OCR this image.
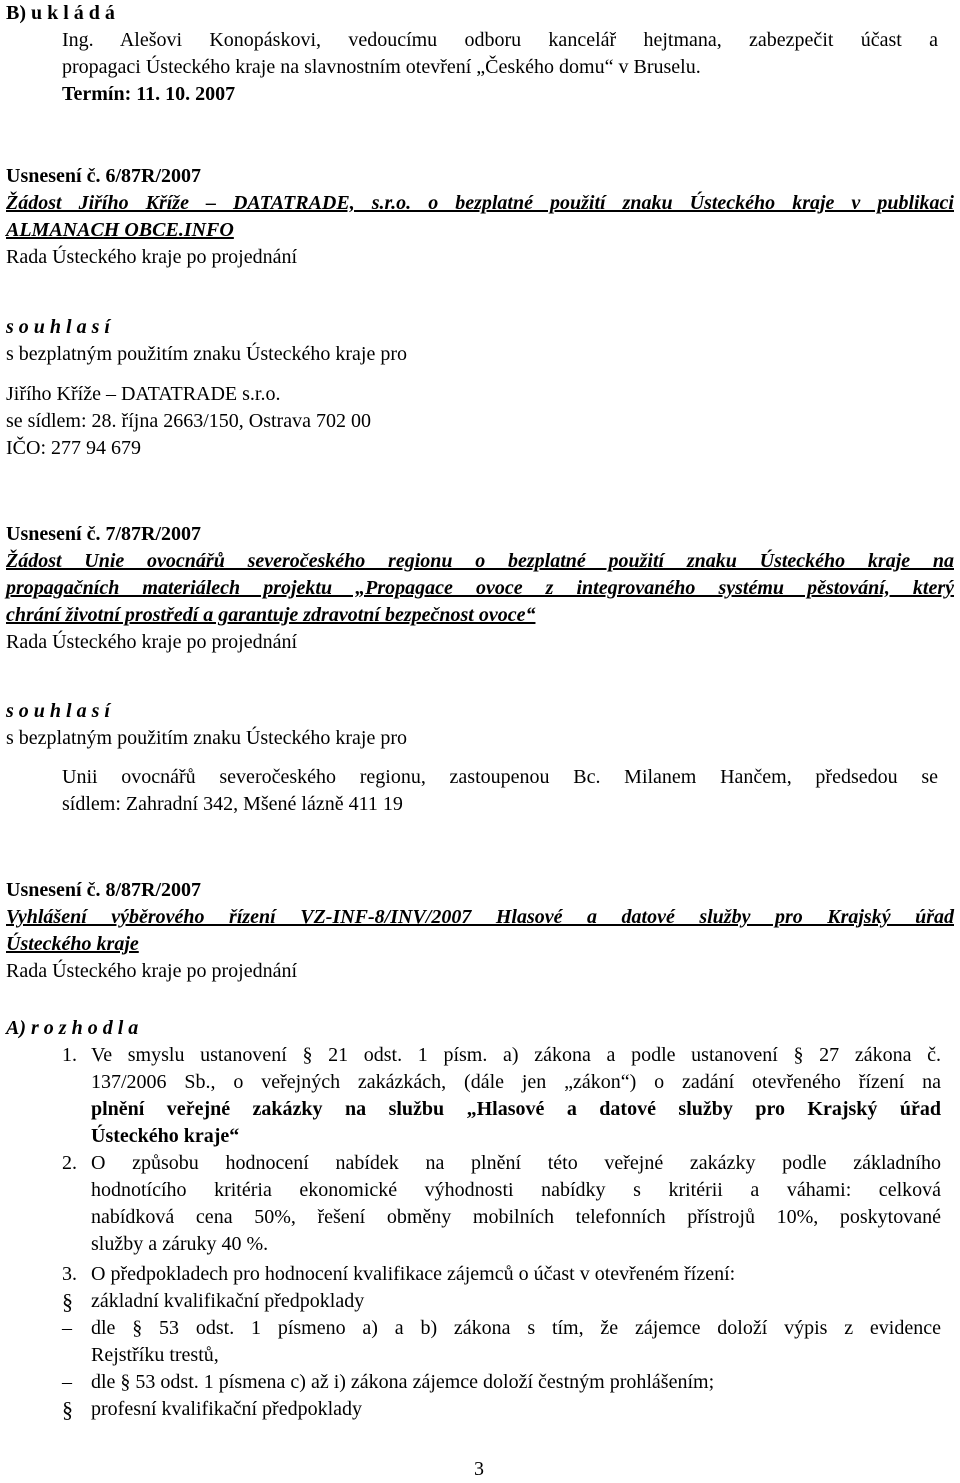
B) u k l á d á
Ing. Alešovi Konopáskovi, vedoucímu odboru kancelář hejtmana, zabezpečit účast a
propagaci Ústeckého kraje na slavnostním otevření „Českého domu“ v Bruselu.
Termín: 11. 10. 2007
Usnesení č. 6/87R/2007
Žádost Jiřího Kříže – DATATRADE, s.r.o. o bezplatné použití znaku Ústeckého kraje v publikaci
ALMANACH OBCE.INFO
Rada Ústeckého kraje po projednání
s o u h l a s í
s bezplatným použitím znaku Ústeckého kraje pro
Jiřího Kříže – DATATRADE s.r.o.
se sídlem: 28. října 2663/150, Ostrava 702 00
IČO: 277 94 679
Usnesení č. 7/87R/2007
Žádost Unie ovocnářů severočeského regionu o bezplatné použití znaku Ústeckého kraje na
propagačních materiálech projektu „Propagace ovoce z integrovaného systému pěstování, který
chrání životní prostředí a garantuje zdravotní bezpečnost ovoce“
Rada Ústeckého kraje po projednání
s o u h l a s í
s bezplatným použitím znaku Ústeckého kraje pro
Unii ovocnářů severočeského regionu, zastoupenou Bc. Milanem Hančem, předsedou se
sídlem: Zahradní 342, Mšené lázně 411 19
Usnesení č. 8/87R/2007
Vyhlášení výběrového řízení VZ-INF-8/INV/2007 Hlasové a datové služby pro Krajský úřad
Ústeckého kraje
Rada Ústeckého kraje po projednání
A) r o z h o d l a
1. Ve smyslu ustanovení § 21 odst. 1 písm. a) zákona a podle ustanovení § 27 zákona č.
137/2006 Sb., o veřejných zakázkách, (dále jen „zákon“) o zadání otevřeného řízení na
plnění veřejné zakázky na službu „Hlasové a datové služby pro Krajský úřad
Ústeckého kraje“
2. O způsobu hodnocení nabídek na plnění této veřejné zakázky podle základního
hodnotícího kritéria ekonomické výhodnosti nabídky s kritérii a váhami: celková
nabídková cena 50%, řešení obměny mobilních telefonních přístrojů 10%, poskytované
služby a záruky 40 %.
3. O předpokladech pro hodnocení kvalifikace zájemců o účast v otevřeném řízení:
§ základní kvalifikační předpoklady
– dle § 53 odst. 1 písmeno a) a b) zákona s tím, že zájemce doloží výpis z evidence
Rejstříku trestů,
– dle § 53 odst. 1 písmena c) až i) zákona zájemce doloží čestným prohlášením;
§ profesní kvalifikační předpoklady
3
